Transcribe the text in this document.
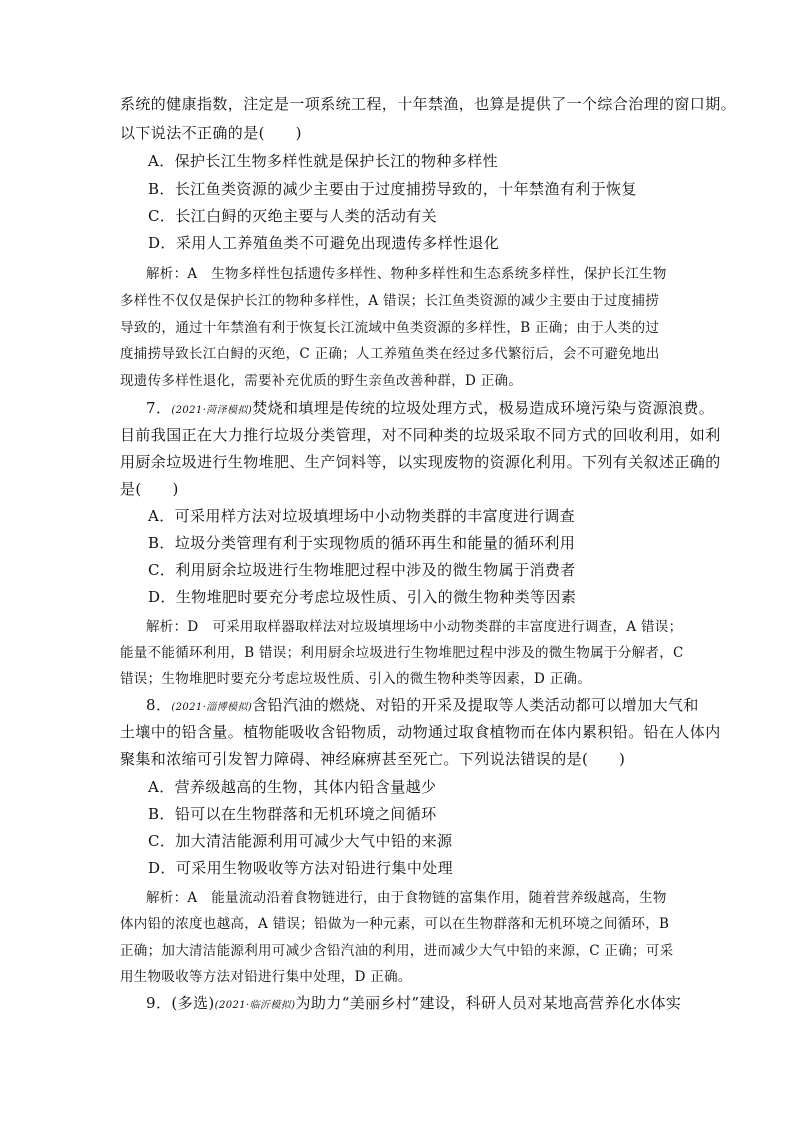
系统的健康指数，注定是一项系统工程，十年禁渔，也算是提供了一个综合治理的窗口期。
以下说法不正确的是(　　)
A．保护长江生物多样性就是保护长江的物种多样性
B．长江鱼类资源的减少主要由于过度捕捞导致的，十年禁渔有利于恢复
C．长江白鲟的灭绝主要与人类的活动有关
D．采用人工养殖鱼类不可避免出现遗传多样性退化
解析：A　生物多样性包括遗传多样性、物种多样性和生态系统多样性，保护长江生物
多样性不仅仅是保护长江的物种多样性，A 错误；长江鱼类资源的减少主要由于过度捕捞
导致的，通过十年禁渔有利于恢复长江流域中鱼类资源的多样性，B 正确；由于人类的过
度捕捞导致长江白鲟的灭绝，C 正确；人工养殖鱼类在经过多代繁衍后，会不可避免地出
现遗传多样性退化，需要补充优质的野生亲鱼改善种群，D 正确。
7．(2021·菏泽模拟)焚烧和填埋是传统的垃圾处理方式，极易造成环境污染与资源浪费。
目前我国正在大力推行垃圾分类管理，对不同种类的垃圾采取不同方式的回收利用，如利
用厨余垃圾进行生物堆肥、生产饲料等，以实现废物的资源化利用。下列有关叙述正确的
是(　　)
A．可采用样方法对垃圾填埋场中小动物类群的丰富度进行调查
B．垃圾分类管理有利于实现物质的循环再生和能量的循环利用
C．利用厨余垃圾进行生物堆肥过程中涉及的微生物属于消费者
D．生物堆肥时要充分考虑垃圾性质、引入的微生物种类等因素
解析：D　可采用取样器取样法对垃圾填埋场中小动物类群的丰富度进行调查，A 错误；
能量不能循环利用，B 错误；利用厨余垃圾进行生物堆肥过程中涉及的微生物属于分解者，C
错误；生物堆肥时要充分考虑垃圾性质、引入的微生物种类等因素，D 正确。
8．(2021·淄博模拟)含铅汽油的燃烧、对铅的开采及提取等人类活动都可以增加大气和
土壤中的铅含量。植物能吸收含铅物质，动物通过取食植物而在体内累积铅。铅在人体内
聚集和浓缩可引发智力障碍、神经麻痹甚至死亡。下列说法错误的是(　　)
A．营养级越高的生物，其体内铅含量越少
B．铅可以在生物群落和无机环境之间循环
C．加大清洁能源利用可减少大气中铅的来源
D．可采用生物吸收等方法对铅进行集中处理
解析：A　能量流动沿着食物链进行，由于食物链的富集作用，随着营养级越高，生物
体内铅的浓度也越高，A 错误；铅做为一种元素，可以在生物群落和无机环境之间循环，B
正确；加大清洁能源利用可减少含铅汽油的利用，进而减少大气中铅的来源，C 正确；可采
用生物吸收等方法对铅进行集中处理，D 正确。
9．(多选)(2021·临沂模拟)为助力“美丽乡村”建设，科研人员对某地高营养化水体实
